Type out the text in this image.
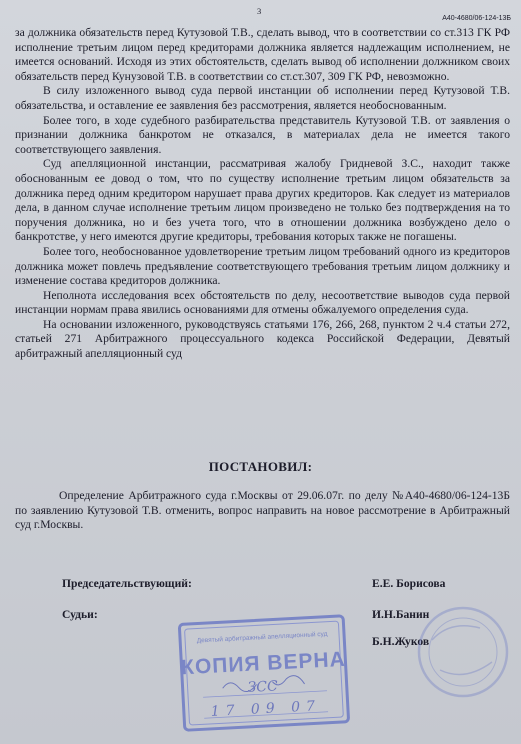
3
А40-4680/06-124-13Б

за должника обязательств перед Кутузовой Т.В., сделать вывод, что в соответствии со ст.313 ГК РФ исполнение третьим лицом перед кредиторами должника является надлежащим исполнением, не имеется оснований. Исходя из этих обстоятельств, сделать вывод об исполнении должником своих обязательств перед Кунузовой Т.В. в соответствии со ст.ст.307, 309 ГК РФ, невозможно.

В силу изложенного вывод суда первой инстанции об исполнении перед Кутузовой Т.В. обязательства, и оставление ее заявления без рассмотрения, является необоснованным.

Более того, в ходе судебного разбирательства представитель Кутузовой Т.В. от заявления о признании должника банкротом не отказался, в материалах дела не имеется такого соответствующего заявления.

Суд апелляционной инстанции, рассматривая жалобу Гридневой З.С., находит также обоснованным ее довод о том, что по существу исполнение третьим лицом обязательств за должника перед одним кредитором нарушает права других кредиторов. Как следует из материалов дела, в данном случае исполнение третьим лицом произведено не только без подтверждения на то поручения должника, но и без учета того, что в отношении должника возбуждено дело о банкротстве, у него имеются другие кредиторы, требования которых также не погашены.

Более того, необоснованное удовлетворение третьим лицом требований одного из кредиторов должника может повлечь предъявление соответствующего требования третьим лицом должнику и изменение состава кредиторов должника.

Неполнота исследования всех обстоятельств по делу, несоответствие выводов суда первой инстанции нормам права явились основаниями для отмены обжалуемого определения суда.

На основании изложенного, руководствуясь статьями 176, 266, 268, пунктом 2 ч.4 статьи 272, статьей 271 Арбитражного процессуального кодекса Российской Федерации, Девятый арбитражный апелляционный суд

ПОСТАНОВИЛ:
Определение Арбитражного суда г.Москвы от 29.06.07г. по делу №А40-4680/06-124-13Б по заявлению Кутузовой Т.В. отменить, вопрос направить на новое рассмотрение в Арбитражный суд г.Москвы.
Председательствующий:	Е.Е. Борисова
Судьи:	И.Н.Банин
Б.Н.Жуков
Девятый арбитражный апелляционный суд
КОПИЯ ВЕРНА
ЗСС
17 09 07
